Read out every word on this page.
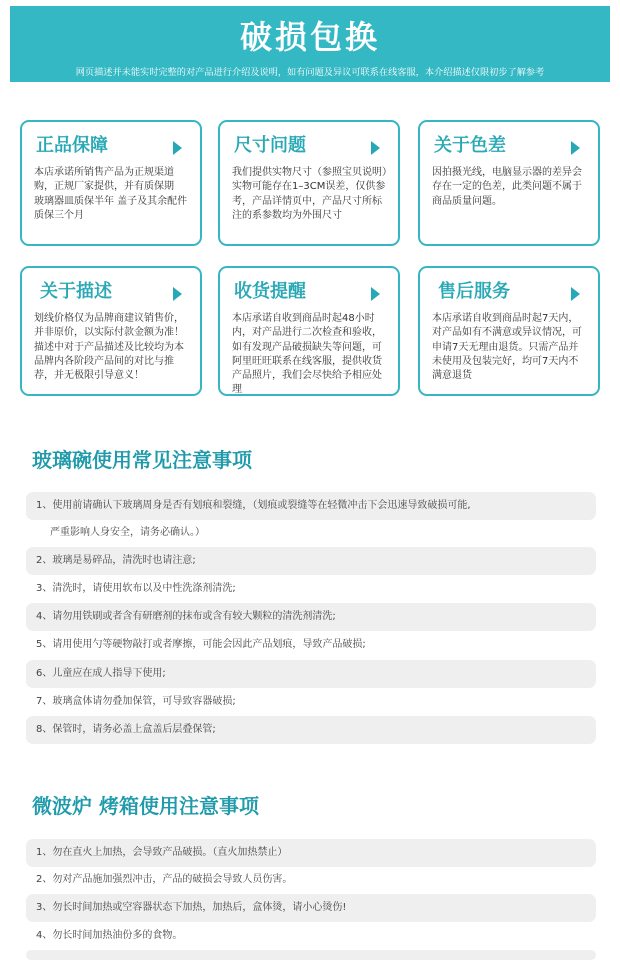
破损包换
网页描述并未能实时完整的对产品进行介绍及说明，如有问题及异议可联系在线客服，本介绍描述仅限初步了解参考
正品保障
本店承诺所销售产品为正规渠道购，正规厂家提供，并有质保期　玻璃器皿质保半年 盖子及其余配件质保三个月
尺寸问题
我们提供实物尺寸（参照宝贝说明）实物可能存在1–3CM误差，仅供参考，产品详情页中，产品尺寸所标注的系参数均为外围尺寸
关于色差
因拍摄光线，电脑显示器的差异会存在一定的色差，此类问题不属于商品质量问题。
关于描述
划线价格仅为品牌商建议销售价，并非原价，以实际付款金额为准！描述中对于产品描述及比较均为本品牌内各阶段产品间的对比与推荐，并无极限引导意义！
收货提醒
本店承诺自收到商品时起48小时内，对产品进行二次检查和验收，如有发现产品破损缺失等问题，可阿里旺旺联系在线客服，提供收货产品照片，我们会尽快给予相应处理
售后服务
本店承诺自收到商品时起7天内，对产品如有不满意或异议情况，可申请7天无理由退货。只需产品并未使用及包装完好，均可7天内不满意退货
玻璃碗使用常见注意事项
1、使用前请确认下玻璃周身是否有划痕和裂缝，（划痕或裂缝等在轻微冲击下会迅速导致破损可能,
严重影响人身安全，请务必确认。）
2、玻璃是易碎品，清洗时也请注意;
3、清洗时，请使用软布以及中性洗涤剂清洗;
4、请勿用铁刷或者含有研磨剂的抹布或含有较大颗粒的清洗剂清洗;
5、请用使用勺等硬物敲打或者摩擦，可能会因此产品划痕，导致产品破损;
6、儿童应在成人指导下使用;
7、玻璃盒体请勿叠加保管，可导致容器破损;
8、保管时，请务必盖上盒盖后层叠保管;
微波炉 烤箱使用注意事项
1、勿在直火上加热，会导致产品破损。（直火加热禁止）
2、勿对产品施加强烈冲击，产品的破损会导致人员伤害。
3、勿长时间加热或空容器状态下加热，加热后，盒体烫，请小心烫伤!
4、勿长时间加热油份多的食物。
